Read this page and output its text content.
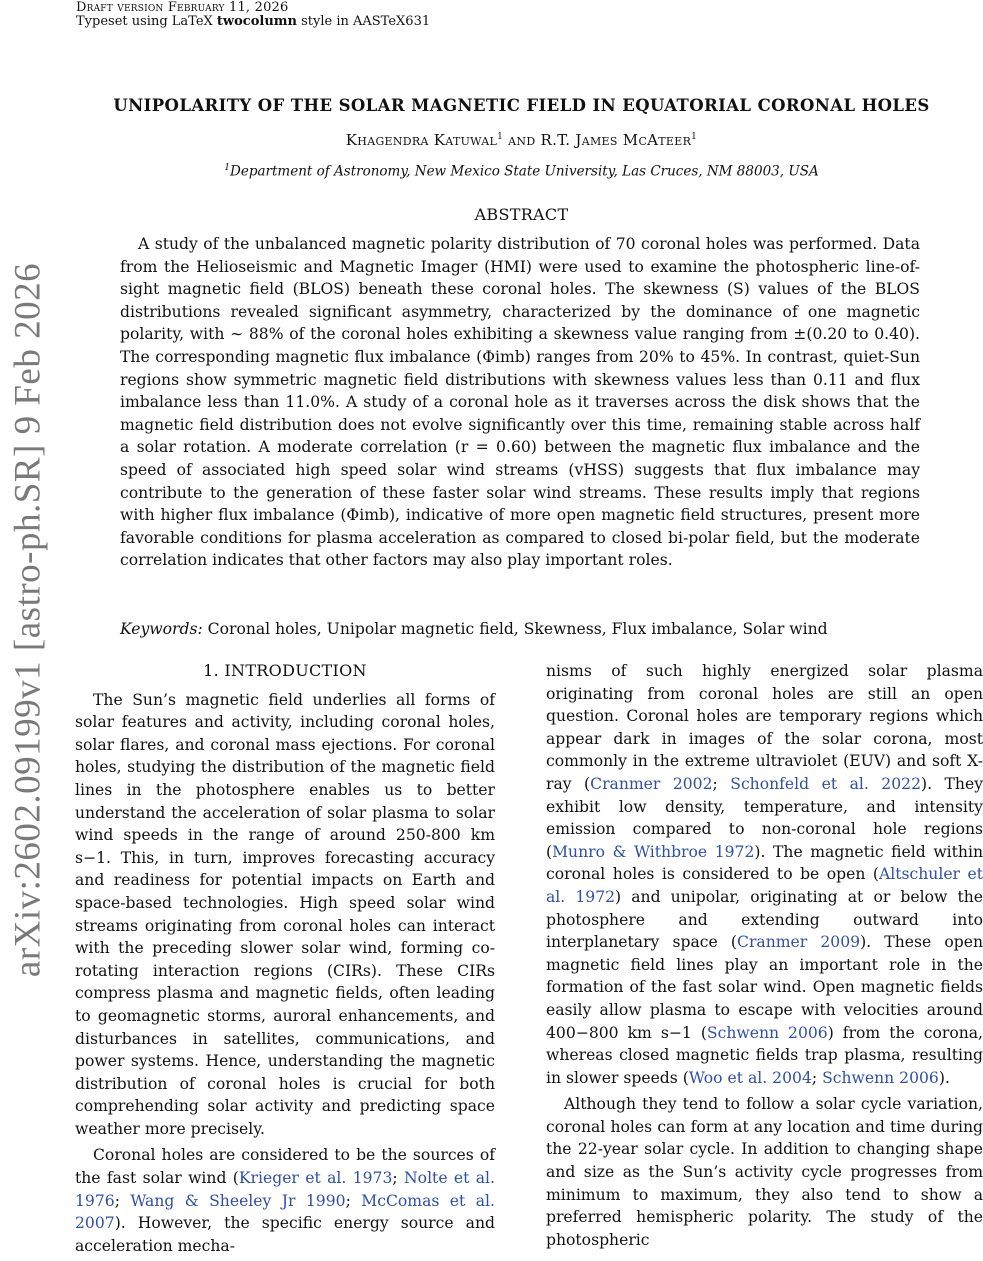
Draft version February 11, 2026
Typeset using LaTeX twocolumn style in AASTeX631
arXiv:2602.09199v1 [astro-ph.SR] 9 Feb 2026
UNIPOLARITY OF THE SOLAR MAGNETIC FIELD IN EQUATORIAL CORONAL HOLES
Khagendra Katuwal$^1$ and R.T. James McAteer$^1$
$^1$Department of Astronomy, New Mexico State University, Las Cruces, NM 88003, USA
ABSTRACT
A study of the unbalanced magnetic polarity distribution of 70 coronal holes was performed. Data from the Helioseismic and Magnetic Imager (HMI) were used to examine the photospheric line-of-sight magnetic field (BLOS) beneath these coronal holes. The skewness (S) values of the BLOS distributions revealed significant asymmetry, characterized by the dominance of one magnetic polarity, with ∼ 88% of the coronal holes exhibiting a skewness value ranging from ±(0.20 to 0.40). The corresponding magnetic flux imbalance (Φimb) ranges from 20% to 45%. In contrast, quiet-Sun regions show symmetric magnetic field distributions with skewness values less than 0.11 and flux imbalance less than 11.0%. A study of a coronal hole as it traverses across the disk shows that the magnetic field distribution does not evolve significantly over this time, remaining stable across half a solar rotation. A moderate correlation (r = 0.60) between the magnetic flux imbalance and the speed of associated high speed solar wind streams (vHSS) suggests that flux imbalance may contribute to the generation of these faster solar wind streams. These results imply that regions with higher flux imbalance (Φimb), indicative of more open magnetic field structures, present more favorable conditions for plasma acceleration as compared to closed bi-polar field, but the moderate correlation indicates that other factors may also play important roles.
Keywords: Coronal holes, Unipolar magnetic field, Skewness, Flux imbalance, Solar wind
1. INTRODUCTION

The Sun’s magnetic field underlies all forms of solar features and activity, including coronal holes, solar flares, and coronal mass ejections. For coronal holes, studying the distribution of the magnetic field lines in the photosphere enables us to better understand the acceleration of solar plasma to solar wind speeds in the range of around 250-800 km s−1. This, in turn, improves forecasting accuracy and readiness for potential impacts on Earth and space-based technologies. High speed solar wind streams originating from coronal holes can interact with the preceding slower solar wind, forming co-rotating interaction regions (CIRs). These CIRs compress plasma and magnetic fields, often leading to geomagnetic storms, auroral enhancements, and disturbances in satellites, communications, and power systems. Hence, understanding the magnetic distribution of coronal holes is crucial for both comprehending solar activity and predicting space weather more precisely.

Coronal holes are considered to be the sources of the fast solar wind (Krieger et al. 1973; Nolte et al. 1976; Wang & Sheeley Jr 1990; McComas et al. 2007). However, the specific energy source and acceleration mecha-

nisms of such highly energized solar plasma originating from coronal holes are still an open question. Coronal holes are temporary regions which appear dark in images of the solar corona, most commonly in the extreme ultraviolet (EUV) and soft X-ray (Cranmer 2002; Schonfeld et al. 2022). They exhibit low density, temperature, and intensity emission compared to non-coronal hole regions (Munro & Withbroe 1972). The magnetic field within coronal holes is considered to be open (Altschuler et al. 1972) and unipolar, originating at or below the photosphere and extending outward into interplanetary space (Cranmer 2009). These open magnetic field lines play an important role in the formation of the fast solar wind. Open magnetic fields easily allow plasma to escape with velocities around 400−800 km s−1 (Schwenn 2006) from the corona, whereas closed magnetic fields trap plasma, resulting in slower speeds (Woo et al. 2004; Schwenn 2006).

Although they tend to follow a solar cycle variation, coronal holes can form at any location and time during the 22-year solar cycle. In addition to changing shape and size as the Sun’s activity cycle progresses from minimum to maximum, they also tend to show a preferred hemispheric polarity. The study of the photospheric
